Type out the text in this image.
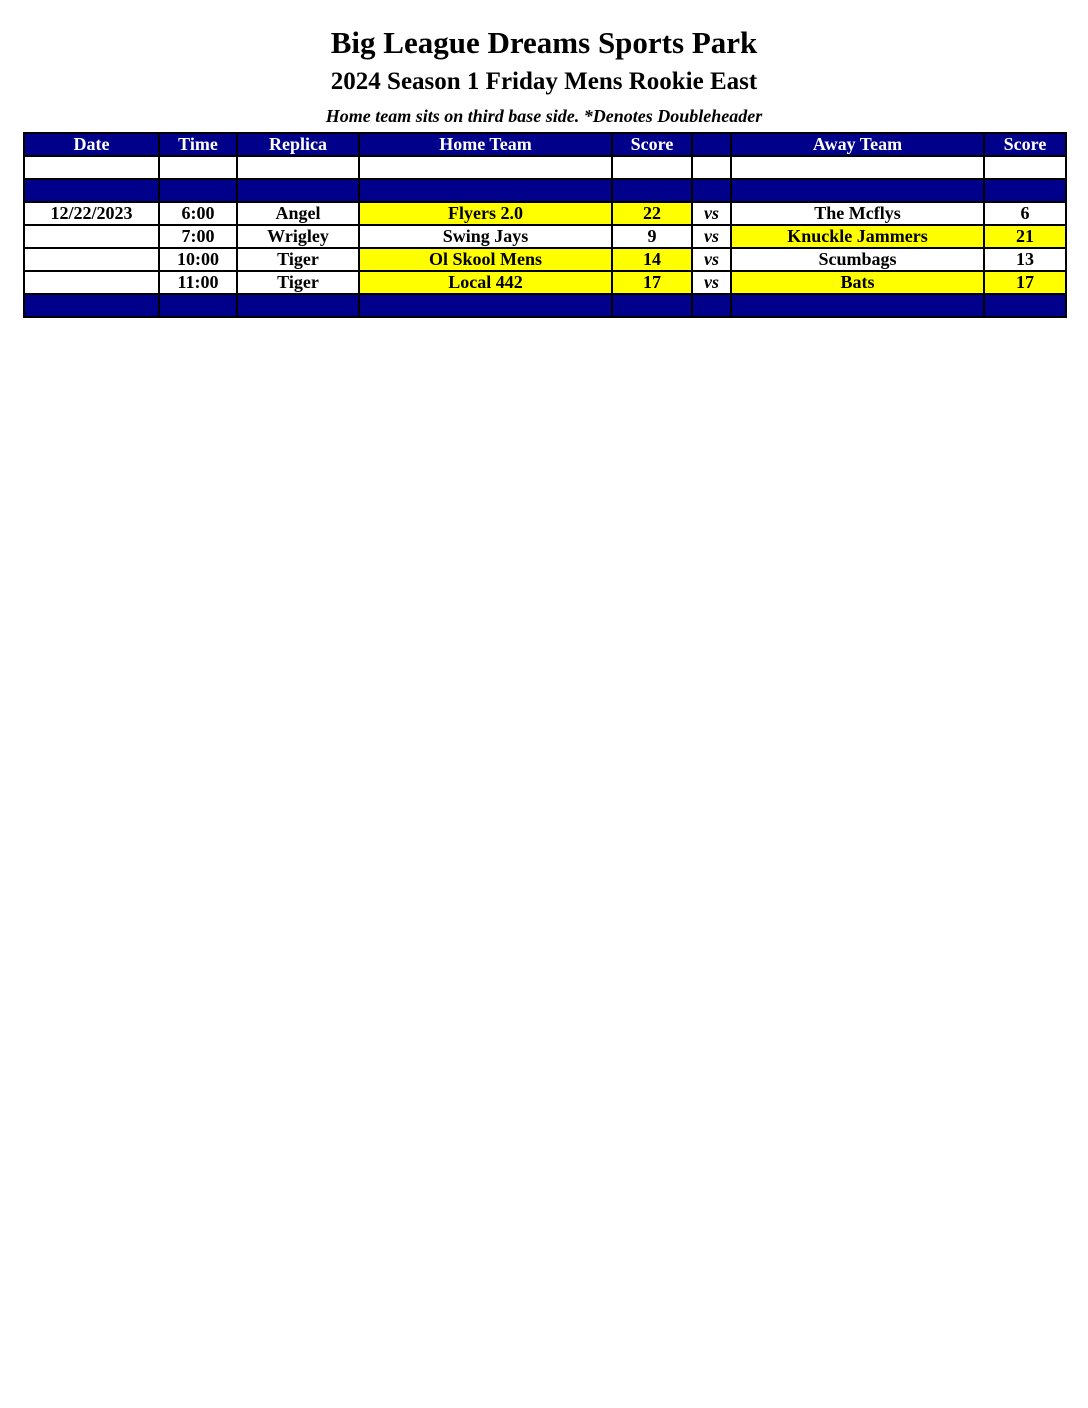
Big League Dreams Sports Park
2024 Season 1 Friday Mens Rookie East
Home team sits on third base side. *Denotes Doubleheader
Date	Time	Replica	Home Team	Score		Away Team	Score

12/22/2023	6:00	Angel	Flyers 2.0	22	vs	The Mcflys	6
	7:00	Wrigley	Swing Jays	9	vs	Knuckle Jammers	21
	10:00	Tiger	Ol Skool Mens	14	vs	Scumbags	13
	11:00	Tiger	Local 442	17	vs	Bats	17
